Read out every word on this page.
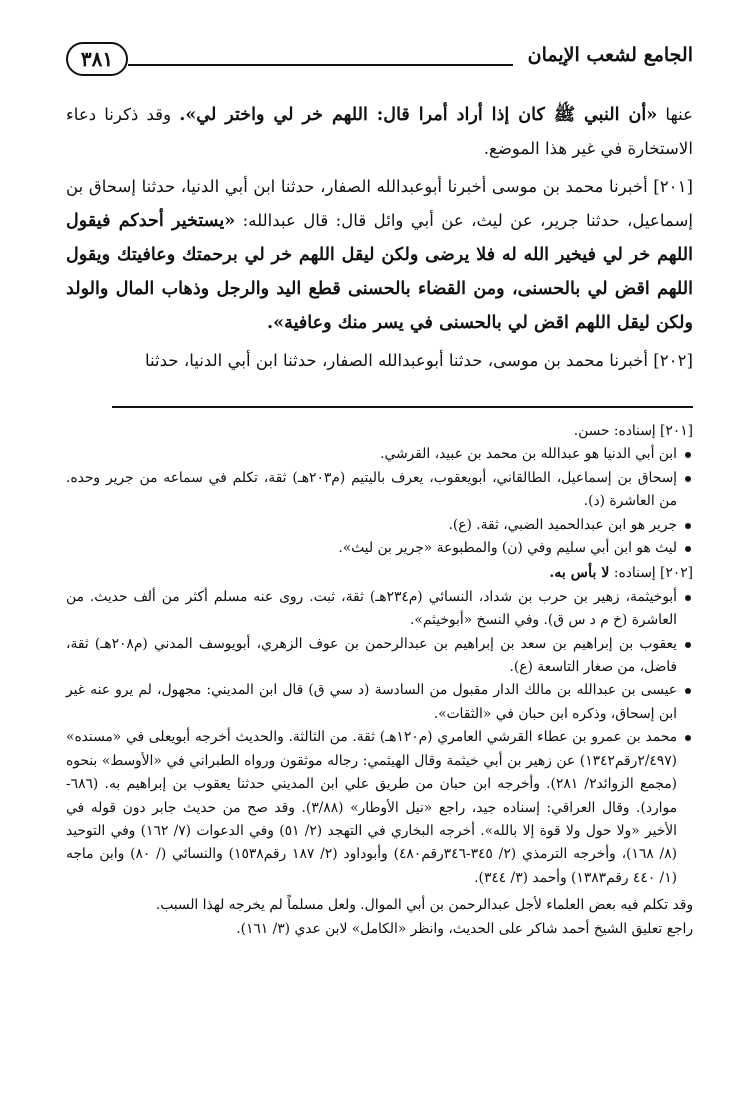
الجامع لشعب الإيمان
٣٨١

عنها «أن النبي ﷺ كان إذا أراد أمرا قال: اللهم خر لي واختر لي». وقد ذكرنا دعاء الاستخارة في غير هذا الموضع.

[٢٠١] أخبرنا محمد بن موسى أخبرنا أبوعبدالله الصفار، حدثنا ابن أبي الدنيا، حدثنا إسحاق بن إسماعيل، حدثنا جرير، عن ليث، عن أبي وائل قال: قال عبدالله: «يستخير أحدكم فيقول اللهم خر لي فيخير الله له فلا يرضى ولكن ليقل اللهم خر لي برحمتك وعافيتك ويقول اللهم اقض لي بالحسنى، ومن القضاء بالحسنى قطع اليد والرجل وذهاب المال والولد ولكن ليقل اللهم اقض لي بالحسنى في يسر منك وعافية».

[٢٠٢] أخبرنا محمد بن موسى، حدثنا أبوعبدالله الصفار، حدثنا ابن أبي الدنيا، حدثنا

[٢٠١] إسناده: حسن.

ابن أبي الدنيا هو عبدالله بن محمد بن عبيد، القرشي.

إسحاق بن إسماعيل، الطالقاني، أبويعقوب، يعرف باليتيم (م٢٠٣هـ) ثقة، تكلم في سماعه من جرير وحده. من العاشرة (د).

جرير هو ابن عبدالحميد الضبي، ثقة. (ع).

ليث هو ابن أبي سليم وفي (ن) والمطبوعة «جرير بن ليث».

[٢٠٢] إسناده: لا بأس به.

أبوخيثمة، زهير بن حرب بن شداد، النسائي (م٢٣٤هـ) ثقة، ثبت. روى عنه مسلم أكثر من ألف حديث. من العاشرة (خ م د س ق). وفي النسخ «أبوخيثم».

يعقوب بن إبراهيم بن سعد بن إبراهيم بن عبدالرحمن بن عوف الزهري، أبويوسف المدني (م٢٠٨هـ) ثقة، فاضل، من صغار التاسعة (ع).

عيسى بن عبدالله بن مالك الدار مقبول من السادسة (د سي ق) قال ابن المديني: مجهول، لم يرو عنه غير ابن إسحاق، وذكره ابن حبان في «الثقات».

محمد بن عمرو بن عطاء القرشي العامري (م١٢٠هـ) ثقة. من الثالثة. والحديث أخرجه أبويعلى في «مسنده» (٢/٤٩٧رقم١٣٤٢) عن زهير بن أبي خيثمة وقال الهيثمي: رجاله موثقون ورواه الطبراني في «الأوسط» بنحوه (مجمع الزوائد٢/ ٢٨١). وأخرجه ابن حبان من طريق علي ابن المديني حدثنا يعقوب بن إبراهيم به. (٦٨٦-موارد). وقال العراقي: إسناده جيد، راجع «نيل الأوطار» (٣/٨٨). وقد صح من حديث جابر دون قوله في الأخير «ولا حول ولا قوة إلا بالله». أخرجه البخاري في التهجد (٢/ ٥١) وفي الدعوات (٧/ ١٦٢) وفي التوحيد (٨/ ١٦٨)، وأخرجه الترمذي (٢/ ٣٤٥-٣٤٦رقم٤٨٠) وأبوداود (٢/ ١٨٧ رقم١٥٣٨) والنسائي (/ ٨٠) وابن ماجه (١/ ٤٤٠ رقم١٣٨٣) وأحمد (٣/ ٣٤٤).

وقد تكلم فيه بعض العلماء لأجل عبدالرحمن بن أبي الموال. ولعل مسلماً لم يخرجه لهذا السبب.

راجع تعليق الشيخ أحمد شاكر على الحديث، وانظر «الكامل» لابن عدي (٣/ ١٦١).
